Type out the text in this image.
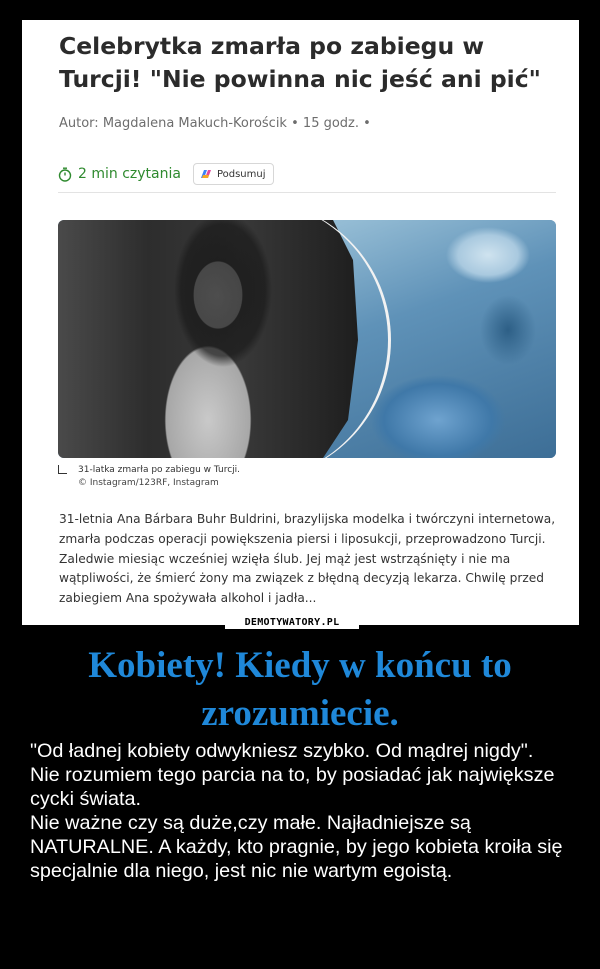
Celebrytka zmarła po zabiegu w Turcji! "Nie powinna nic jeść ani pić"
Autor: Magdalena Makuch-Korościk • 15 godz. •
2 min czytania	Podsumuj
31-latka zmarła po zabiegu w Turcji.
© Instagram/123RF, Instagram

31-letnia Ana Bárbara Buhr Buldrini, brazylijska modelka i twórczyni internetowa, zmarła podczas operacji powiększenia piersi i liposukcji, przeprowadzono Turcji. Zaledwie miesiąc wcześniej wzięła ślub. Jej mąż jest wstrząśnięty i nie ma wątpliwości, że śmierć żony ma związek z błędną decyzją lekarza. Chwilę przed zabiegiem Ana spożywała alkohol i jadła...

DEMOTYWATORY.PL
Kobiety! Kiedy w końcu to zrozumiecie.

"Od ładnej kobiety odwykniesz szybko. Od mądrej nigdy".
Nie rozumiem tego parcia na to, by posiadać jak największe cycki świata.
Nie ważne czy są duże,czy małe. Najładniejsze są NATURALNE. A każdy, kto pragnie, by jego kobieta kroiła się specjalnie dla niego, jest nic nie wartym egoistą.
